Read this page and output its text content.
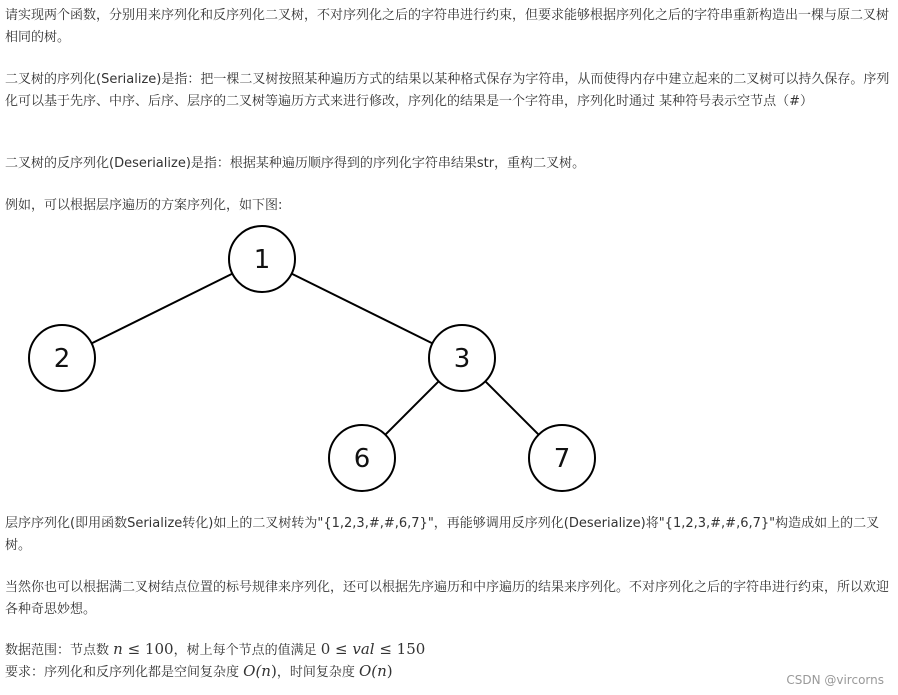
请实现两个函数，分别用来序列化和反序列化二叉树，不对序列化之后的字符串进行约束，但要求能够根据序列化之后的字符串重新构造出一棵与原二叉树相同的树。

二叉树的序列化(Serialize)是指：把一棵二叉树按照某种遍历方式的结果以某种格式保存为字符串，从而使得内存中建立起来的二叉树可以持久保存。序列化可以基于先序、中序、后序、层序的二叉树等遍历方式来进行修改，序列化的结果是一个字符串，序列化时通过 某种符号表示空节点（#）

二叉树的反序列化(Deserialize)是指：根据某种遍历顺序得到的序列化字符串结果str，重构二叉树。

例如，可以根据层序遍历的方案序列化，如下图:

1
2	3
6	7

层序序列化(即用函数Serialize转化)如上的二叉树转为"{1,2,3,#,#,6,7}"，再能够调用反序列化(Deserialize)将"{1,2,3,#,#,6,7}"构造成如上的二叉树。

当然你也可以根据满二叉树结点位置的标号规律来序列化，还可以根据先序遍历和中序遍历的结果来序列化。不对序列化之后的字符串进行约束，所以欢迎各种奇思妙想。

数据范围：节点数 n ≤ 100，树上每个节点的值满足 0 ≤ val ≤ 150

要求：序列化和反序列化都是空间复杂度 O(n)，时间复杂度 O(n)	CSDN @vircorns
